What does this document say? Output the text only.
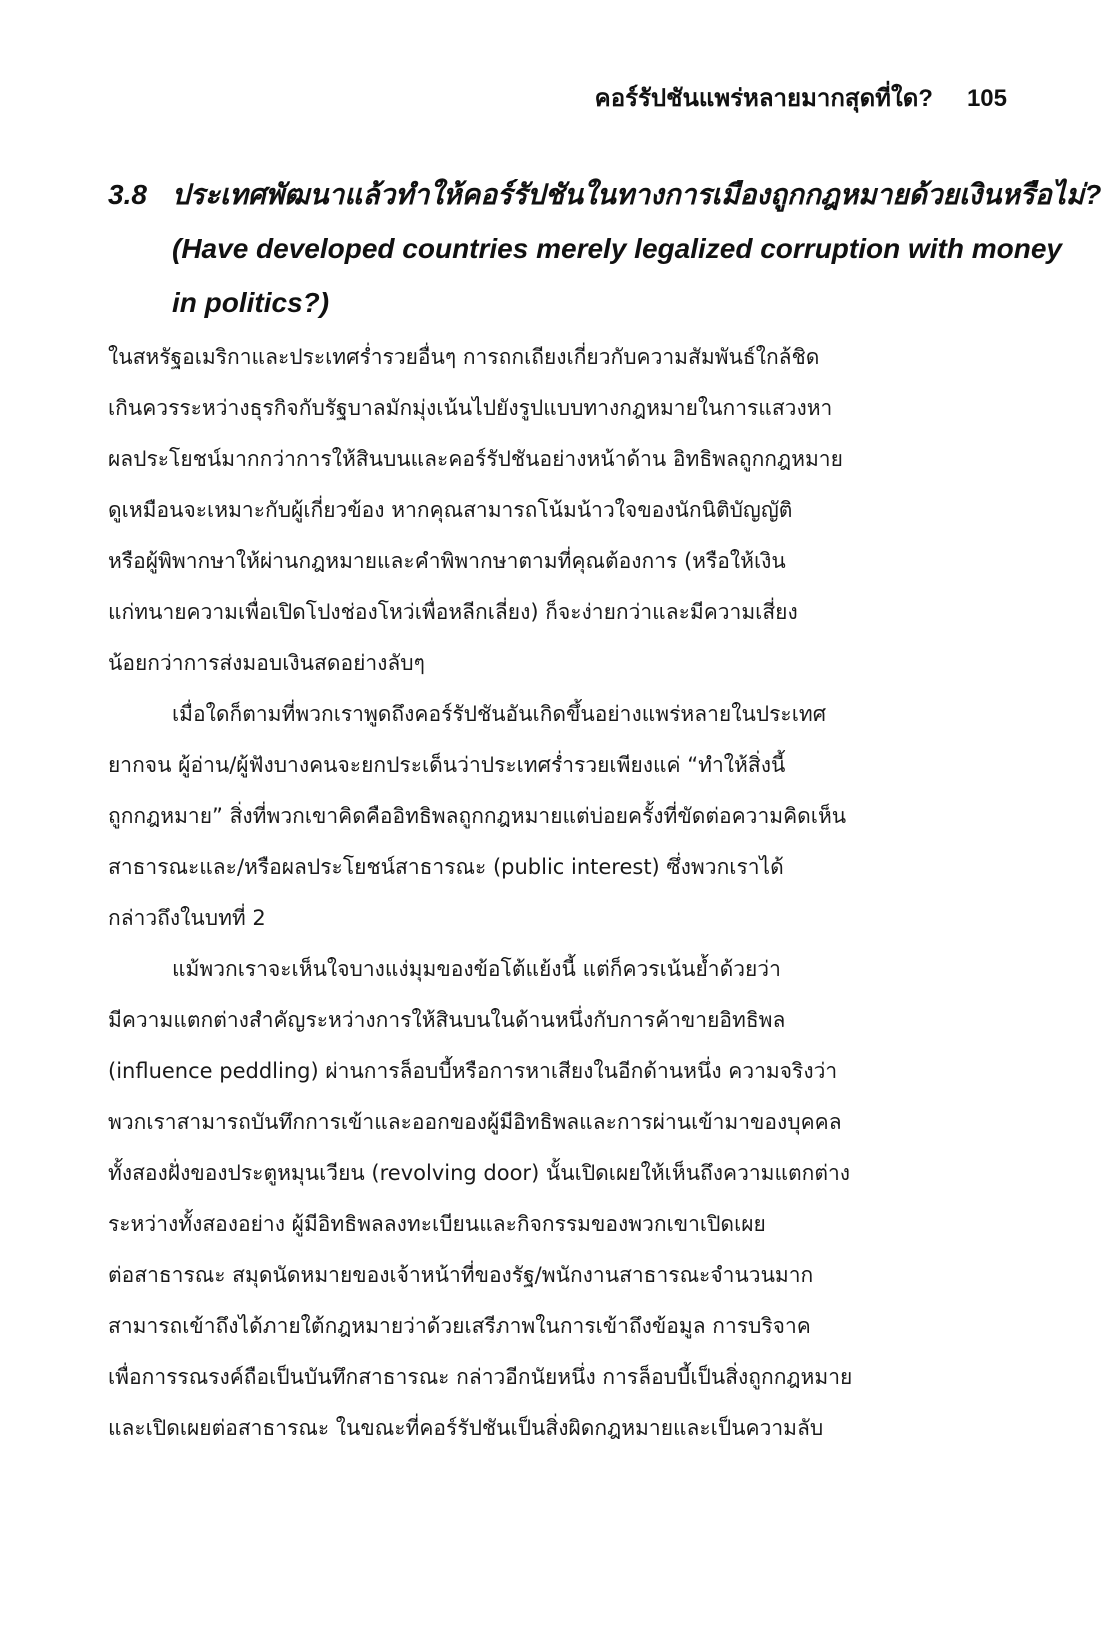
คอร์รัปชันแพร่หลายมากสุดที่ใด? 105
3.8 ประเทศพัฒนาแล้วทำให้คอร์รัปชันในทางการเมืองถูกกฎหมายด้วยเงินหรือไม่?
(Have developed countries merely legalized corruption with money
in politics?)
ในสหรัฐอเมริกาและประเทศร่ำรวยอื่นๆ การถกเถียงเกี่ยวกับความสัมพันธ์ใกล้ชิด
เกินควรระหว่างธุรกิจกับรัฐบาลมักมุ่งเน้นไปยังรูปแบบทางกฎหมายในการแสวงหา
ผลประโยชน์มากกว่าการให้สินบนและคอร์รัปชันอย่างหน้าด้าน อิทธิพลถูกกฎหมาย
ดูเหมือนจะเหมาะกับผู้เกี่ยวข้อง หากคุณสามารถโน้มน้าวใจของนักนิติบัญญัติ
หรือผู้พิพากษาให้ผ่านกฎหมายและคำพิพากษาตามที่คุณต้องการ (หรือให้เงิน
แก่ทนายความเพื่อเปิดโปงช่องโหว่เพื่อหลีกเลี่ยง) ก็จะง่ายกว่าและมีความเสี่ยง
น้อยกว่าการส่งมอบเงินสดอย่างลับๆ
เมื่อใดก็ตามที่พวกเราพูดถึงคอร์รัปชันอันเกิดขึ้นอย่างแพร่หลายในประเทศ
ยากจน ผู้อ่าน/ผู้ฟังบางคนจะยกประเด็นว่าประเทศร่ำรวยเพียงแค่ “ทำให้สิ่งนี้
ถูกกฎหมาย” สิ่งที่พวกเขาคิดคืออิทธิพลถูกกฎหมายแต่บ่อยครั้งที่ขัดต่อความคิดเห็น
สาธารณะและ/หรือผลประโยชน์สาธารณะ (public interest) ซึ่งพวกเราได้
กล่าวถึงในบทที่ 2
แม้พวกเราจะเห็นใจบางแง่มุมของข้อโต้แย้งนี้ แต่ก็ควรเน้นย้ำด้วยว่า
มีความแตกต่างสำคัญระหว่างการให้สินบนในด้านหนึ่งกับการค้าขายอิทธิพล
(influence peddling) ผ่านการล็อบบี้หรือการหาเสียงในอีกด้านหนึ่ง ความจริงว่า
พวกเราสามารถบันทึกการเข้าและออกของผู้มีอิทธิพลและการผ่านเข้ามาของบุคคล
ทั้งสองฝั่งของประตูหมุนเวียน (revolving door) นั้นเปิดเผยให้เห็นถึงความแตกต่าง
ระหว่างทั้งสองอย่าง ผู้มีอิทธิพลลงทะเบียนและกิจกรรมของพวกเขาเปิดเผย
ต่อสาธารณะ สมุดนัดหมายของเจ้าหน้าที่ของรัฐ/พนักงานสาธารณะจำนวนมาก
สามารถเข้าถึงได้ภายใต้กฎหมายว่าด้วยเสรีภาพในการเข้าถึงข้อมูล การบริจาค
เพื่อการรณรงค์ถือเป็นบันทึกสาธารณะ กล่าวอีกนัยหนึ่ง การล็อบบี้เป็นสิ่งถูกกฎหมาย
และเปิดเผยต่อสาธารณะ ในขณะที่คอร์รัปชันเป็นสิ่งผิดกฎหมายและเป็นความลับ
